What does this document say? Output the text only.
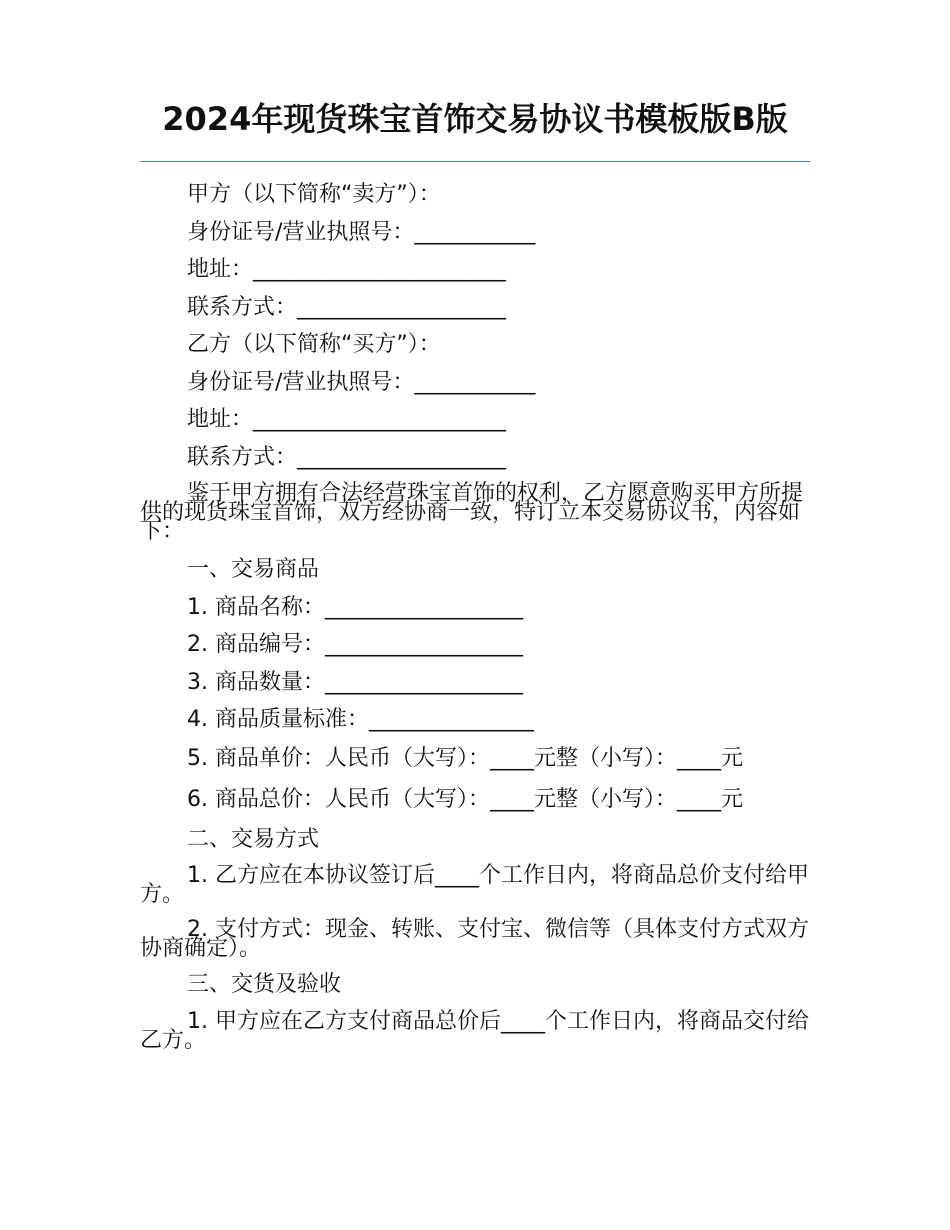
2024年现货珠宝首饰交易协议书模板版B版
甲方（以下简称“卖方”）：
身份证号/营业执照号：___________
地址：_______________________
联系方式：___________________
乙方（以下简称“买方”）：
身份证号/营业执照号：___________
地址：_______________________
联系方式：___________________

鉴于甲方拥有合法经营珠宝首饰的权利，乙方愿意购买甲方所提供的现货珠宝首饰，双方经协商一致，特订立本交易协议书，内容如下：

一、交易商品
1. 商品名称：__________________
2. 商品编号：__________________
3. 商品数量：__________________
4. 商品质量标准：_______________

5. 商品单价：人民币（大写）：____元整（小写）：____元

6. 商品总价：人民币（大写）：____元整（小写）：____元

二、交易方式

1. 乙方应在本协议签订后____个工作日内，将商品总价支付给甲方。

2. 支付方式：现金、转账、支付宝、微信等（具体支付方式双方协商确定）。

三、交货及验收

1. 甲方应在乙方支付商品总价后____个工作日内，将商品交付给乙方。
